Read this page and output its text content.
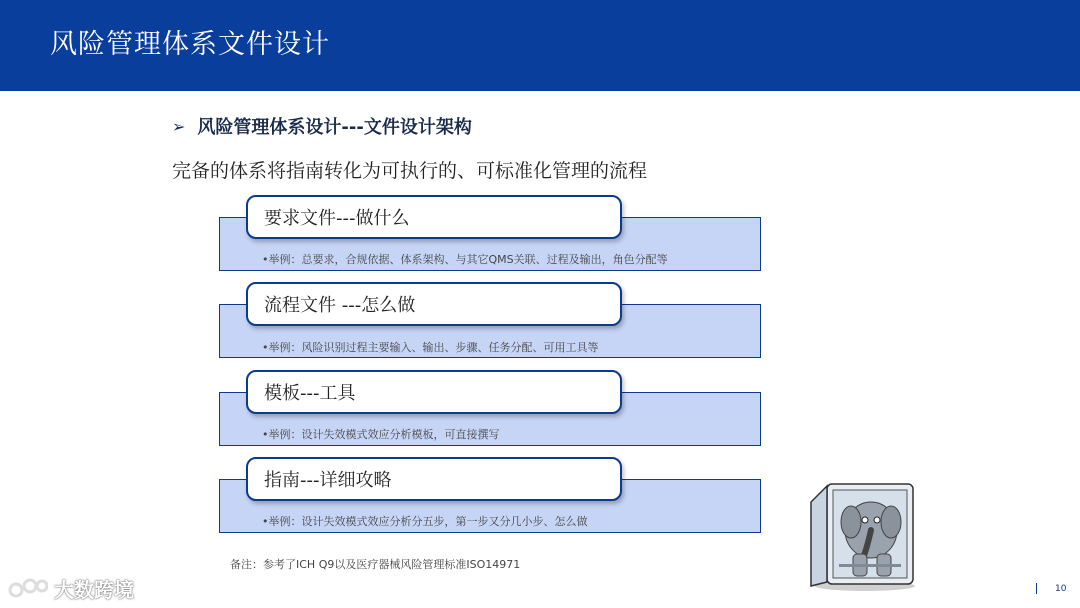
风险管理体系文件设计
➢ 风险管理体系设计---文件设计架构
完备的体系将指南转化为可执行的、可标准化管理的流程
要求文件---做什么
•举例：总要求，合规依据、体系架构、与其它QMS关联、过程及输出，角色分配等
流程文件 ---怎么做
•举例：风险识别过程主要输入、输出、步骤、任务分配、可用工具等
模板---工具
•举例：设计失效模式效应分析模板，可直接撰写
指南---详细攻略
•举例：设计失效模式效应分析分五步，第一步又分几小步、怎么做
备注：参考了ICH Q9以及医疗器械风险管理标准ISO14971
大数跨境	10
